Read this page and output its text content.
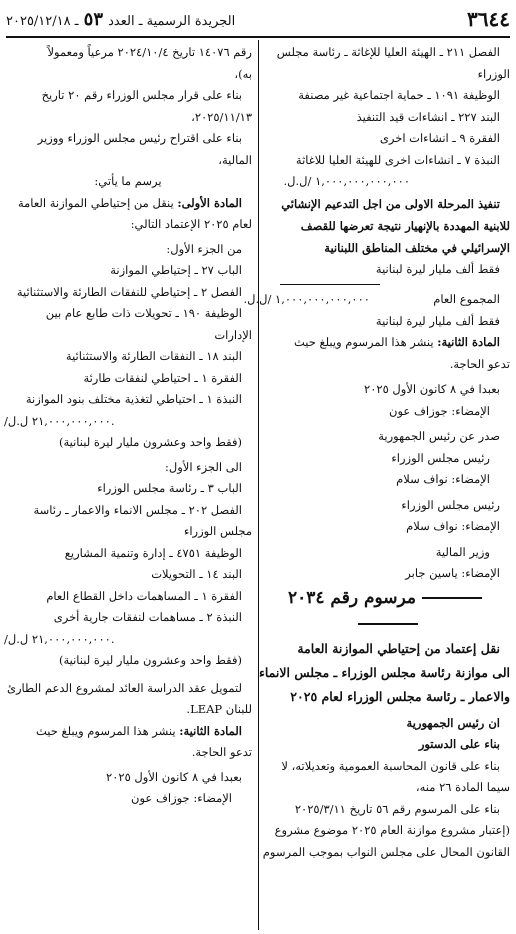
٣٦٤٤
الجريدة الرسمية ـ العدد ٥٣ ـ ٢٠٢٥/١٢/١٨

الفصل ٢١١ ـ الهيئة العليا للإغاثة ـ رئاسة مجلس

الوزراء

الوظيفة ١٠٩١ ـ حماية اجتماعية غير مصنفة

البند ٢٢٧ ـ انشاءات قيد التنفيذ

الفقرة ٩ ـ انشاءات اخرى

النبذة ٧ ـ انشاءات اخرى للهيئة العليا للاغاثة

١,٠٠٠,٠٠٠,٠٠٠,٠٠٠ /ل.ل.

تنفيذ المرحلة الاولى من اجل التدعيم الإنشائي

للابنية المهددة بالإنهيار نتيجة تعرضها للقصف

الإسرائيلي في مختلف المناطق اللبنانية

فقط ألف مليار ليرة لبنانية

المجموع العام  ١,٠٠٠,٠٠٠,٠٠٠,٠٠٠ /ل.ل.

فقط ألف مليار ليرة لبنانية

المادة الثانية: ينشر هذا المرسوم ويبلغ حيث

تدعو الحاجة.

بعبدا في ٨ كانون الأول ٢٠٢٥

الإمضاء: جوزاف عون

صدر عن رئيس الجمهورية

رئيس مجلس الوزراء

الإمضاء: نواف سلام

رئيس مجلس الوزراء

الإمضاء: نواف سلام

وزير المالية

الإمضاء: ياسين جابر

مرسوم رقم ٢٠٣٤

نقل إعتماد من إحتياطي الموازنة العامة

الى موازنة رئاسة مجلس الوزراء ـ مجلس الانماء

والاعمار ـ رئاسة مجلس الوزراء لعام ٢٠٢٥

ان رئيس الجمهورية

بناء على الدستور

بناء على قانون المحاسبة العمومية وتعديلاته، لا

سيما المادة ٢٦ منه،

بناء على المرسوم رقم ٥٦ تاريخ ٢٠٢٥/٣/١١

(إعتبار مشروع موازنة العام ٢٠٢٥ موضوع مشروع

القانون المحال على مجلس النواب بموجب المرسوم

رقم ١٤٠٧٦ تاريخ ٢٠٢٤/١٠/٤ مرعياً ومعمولاً

به)،

بناء على قرار مجلس الوزراء رقم ٢٠ تاريخ

٢٠٢٥/١١/١٣،

بناء على اقتراح رئيس مجلس الوزراء ووزير

المالية،

يرسم ما يأتي:

المادة الأولى: ينقل من إحتياطي الموازنة العامة

لعام ٢٠٢٥ الإعتماد التالي:

من الجزء الأول:

الباب ٢٧ ـ إحتياطي الموازنة

الفصل ٢ ـ إحتياطي للنفقات الطارئة والاستثنائية

الوظيفة ١٩٠ ـ تحويلات ذات طابع عام بين

الإدارات

البند ١٨ ـ النفقات الطارئة والاستثنائية

الفقرة ١ ـ احتياطي لنفقات طارئة

النبذة ١ ـ احتياطي لتغذية مختلف بنود الموازنة

/٢١,٠٠٠,٠٠٠,٠٠٠ ل.ل.

(فقط واحد وعشرون مليار ليرة لبنانية)

الى الجزء الأول:

الباب ٣ ـ رئاسة مجلس الوزراء

الفصل ٢٠٢ ـ مجلس الانماء والاعمار ـ رئاسة

مجلس الوزراء

الوظيفة ٤٧٥١ ـ إدارة وتنمية المشاريع

البند ١٤ ـ التحويلات

الفقرة ١ ـ المساهمات داخل القطاع العام

النبذة ٢ ـ مساهمات لنفقات جارية أخرى

/٢١,٠٠٠,٠٠٠,٠٠٠ ل.ل.

(فقط واحد وعشرون مليار ليرة لبنانية)

لتمويل عقد الدراسة العائد لمشروع الدعم الطارئ

للبنان LEAP.

المادة الثانية: ينشر هذا المرسوم ويبلغ حيث

تدعو الحاجة.

بعبدا في ٨ كانون الأول ٢٠٢٥

الإمضاء: جوزاف عون
